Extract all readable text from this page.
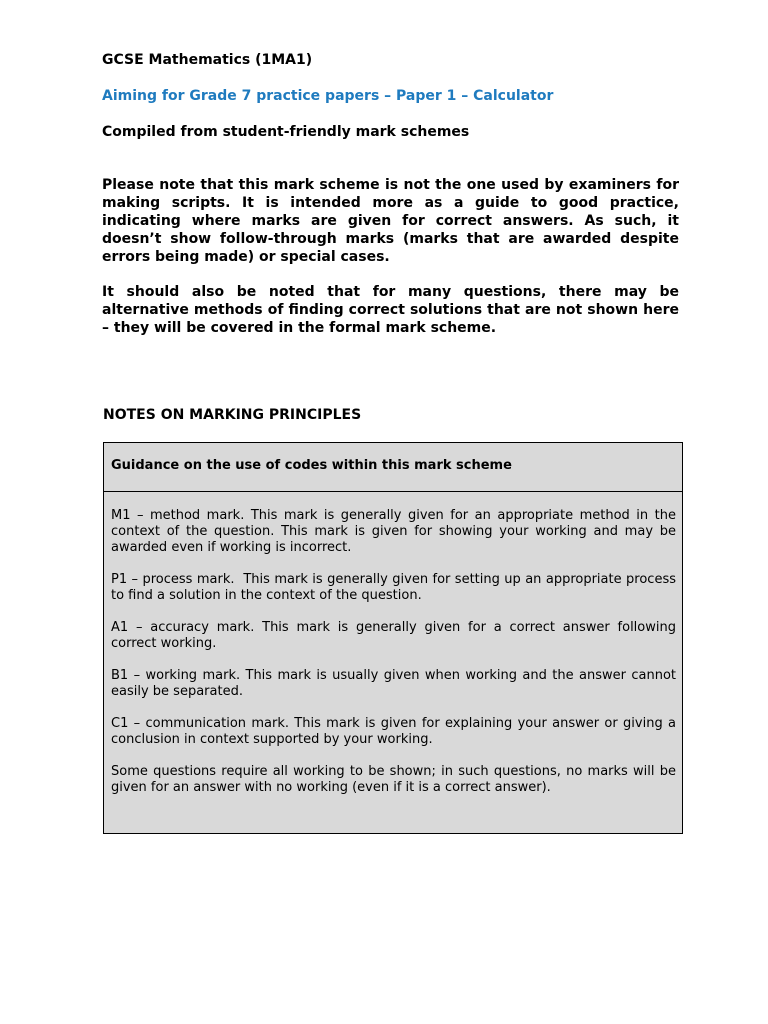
GCSE Mathematics (1MA1)
Aiming for Grade 7 practice papers – Paper 1 – Calculator
Compiled from student-friendly mark schemes
Please note that this mark scheme is not the one used by examiners for making scripts. It is intended more as a guide to good practice, indicating where marks are given for correct answers. As such, it doesn’t show follow-through marks (marks that are awarded despite errors being made) or special cases.
It should also be noted that for many questions, there may be alternative methods of finding correct solutions that are not shown here – they will be covered in the formal mark scheme.
NOTES ON MARKING PRINCIPLES
Guidance on the use of codes within this mark scheme

M1 – method mark. This mark is generally given for an appropriate method in the context of the question. This mark is given for showing your working and may be awarded even if working is incorrect.

P1 – process mark.  This mark is generally given for setting up an appropriate process to find a solution in the context of the question.

A1 – accuracy mark. This mark is generally given for a correct answer following correct working.

B1 – working mark. This mark is usually given when working and the answer cannot easily be separated.

C1 – communication mark. This mark is given for explaining your answer or giving a conclusion in context supported by your working.

Some questions require all working to be shown; in such questions, no marks will be given for an answer with no working (even if it is a correct answer).
